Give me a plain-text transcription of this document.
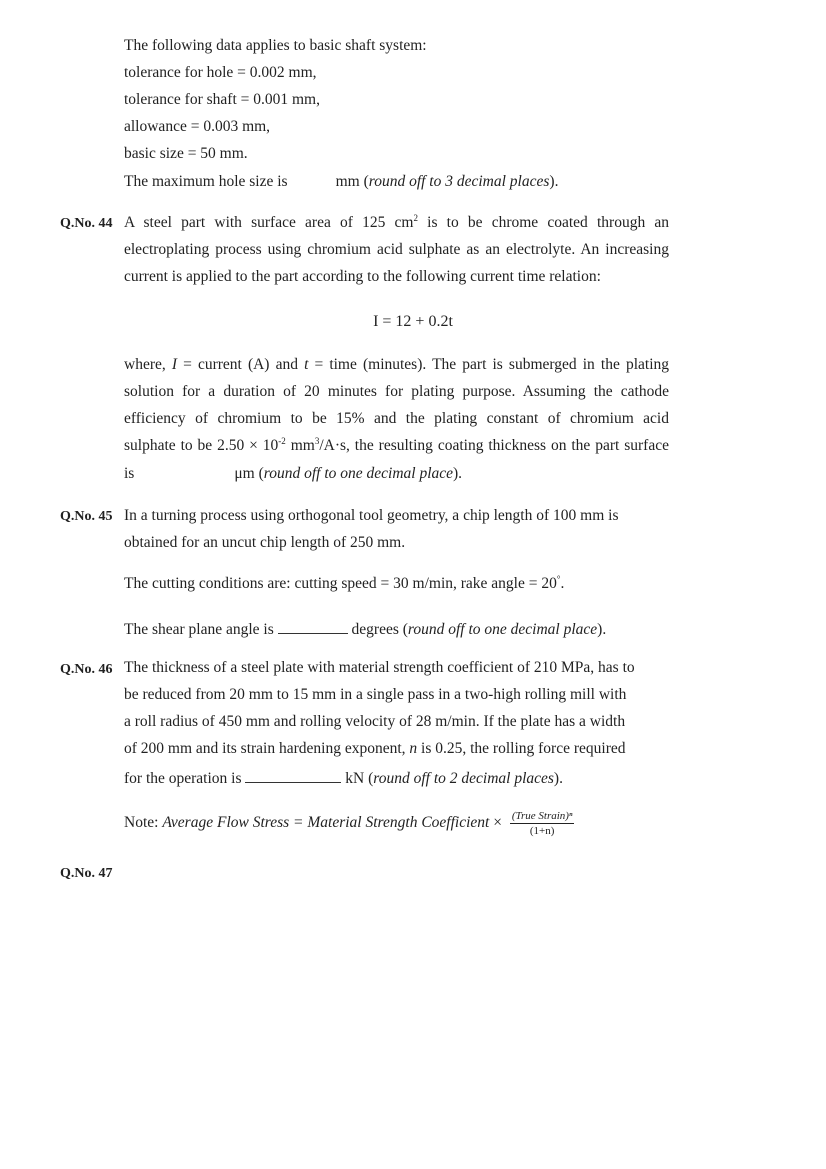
The following data applies to basic shaft system:
tolerance for hole = 0.002 mm,
tolerance for shaft = 0.001 mm,
allowance = 0.003 mm,
basic size = 50 mm.
The maximum hole size is	mm (round off to 3 decimal places).
Q.No. 44 A steel part with surface area of 125 $cm^2$ is to be chrome coated through an
electroplating process using chromium acid sulphate as an electrolyte. An increasing
current is applied to the part according to the following current time relation:
I = 12 + 0.2t
where, I = current (A) and t = time (minutes). The part is submerged in the plating
solution for a duration of 20 minutes for plating purpose. Assuming the cathode
efficiency of chromium to be 15% and the plating constant of chromium acid
sulphate to be $2.50 \times 10^{-2}$ $mm^3/A\cdot s$, the resulting coating thickness on the part surface
is	μm (round off to one decimal place).
Q.No. 45 In a turning process using orthogonal tool geometry, a chip length of 100 mm is
obtained for an uncut chip length of 250 mm.
The cutting conditions are: cutting speed = 30 m/min, rake angle = 20°.
The shear plane angle is	degrees (round off to one decimal place).
Q.No. 46 The thickness of a steel plate with material strength coefficient of 210 MPa, has to
be reduced from 20 mm to 15 mm in a single pass in a two-high rolling mill with
a roll radius of 450 mm and rolling velocity of 28 m/min. If the plate has a width
of 200 mm and its strain hardening exponent, n is 0.25, the rolling force required
for the operation is	kN (round off to 2 decimal places).
Note: Average Flow Stress = Material Strength Coefficient × $\frac{\text{(True Strain)ⁿ}}{(1+n)}$
Q.No. 47
